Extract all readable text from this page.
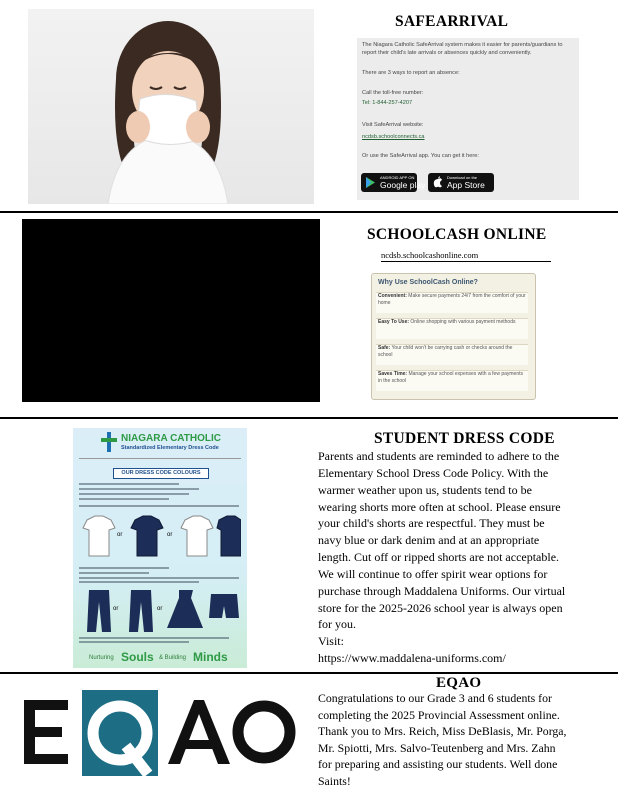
SAFEARRIVAL
The Niagara Catholic SafeArrival system makes it easier for parents/guardians to
report their child's late arrivals or absences quickly and conveniently.
There are 3 ways to report an absence:
Call the toll-free number:
Tel: 1-844-257-4207
Visit SafeArrival website:
ncdsb.schoolconnects.ca
Or use the SafeArrival app. You can get it here:
ANDROID APP ON
Google play
Download on the
App Store
SCHOOLCASH ONLINE
ncdsb.schoolcashonline.com
Why Use SchoolCash Online?
Convenient: Make secure payments 24/7 from the comfort of your home
Easy To Use: Online shopping with various payment methods
Safe: Your child won't be carrying cash or checks around the school
Saves Time: Manage your school expenses with a few payments in the school
NIAGARA CATHOLIC
Standardized Elementary Dress Code
OUR DRESS CODE COLOURS
or	or
or	or
Nurturing Souls & Building Minds
STUDENT DRESS CODE
Parents and students are reminded to adhere to the
Elementary School Dress Code Policy. With the
warmer weather upon us, students tend to be
wearing shorts more often at school. Please ensure
your child's shorts are respectful. They must be
navy blue or dark denim and at an appropriate
length. Cut off or ripped shorts are not acceptable.
We will continue to offer spirit wear options for
purchase through Maddalena Uniforms. Our virtual
store for the 2025-2026 school year is always open
for you.
Visit:
https://www.maddalena-uniforms.com/
EQAO
Congratulations to our Grade 3 and 6 students for
completing the 2025 Provincial Assessment online.
Thank you to Mrs. Reich, Miss DeBlasis, Mr. Porga,
Mr. Spiotti, Mrs. Salvo-Teutenberg and Mrs. Zahn
for preparing and assisting our students. Well done
Saints!
